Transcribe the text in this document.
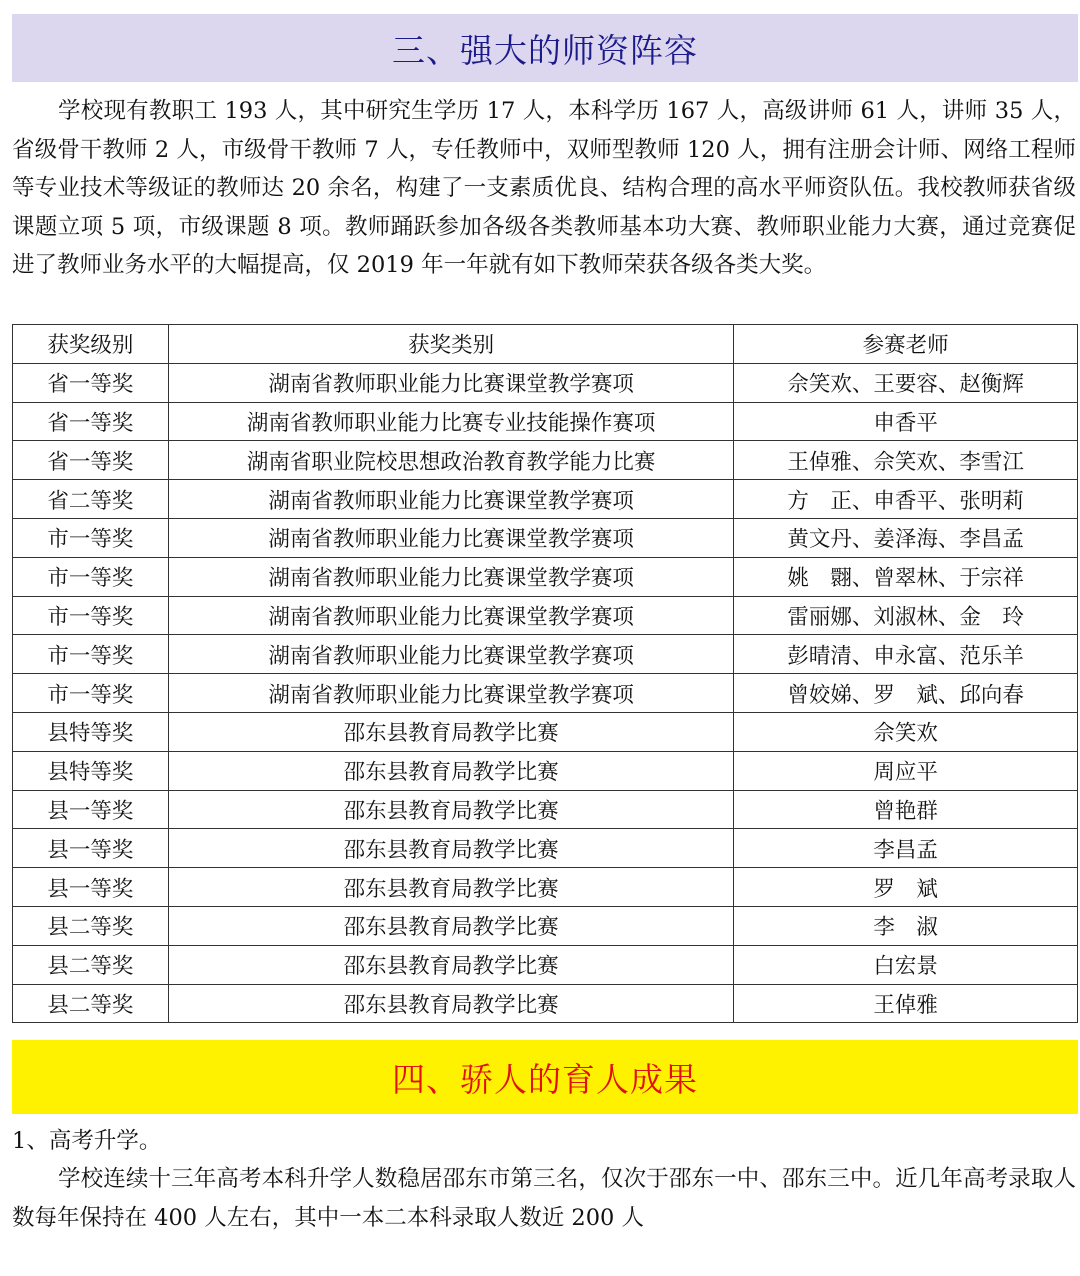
三、强大的师资阵容

学校现有教职工 193 人，其中研究生学历 17 人，本科学历 167 人，高级讲师 61 人，讲师 35 人，省级骨干教师 2 人，市级骨干教师 7 人，专任教师中，双师型教师 120 人，拥有注册会计师、网络工程师等专业技术等级证的教师达 20 余名，构建了一支素质优良、结构合理的高水平师资队伍。我校教师获省级课题立项 5 项，市级课题 8 项。教师踊跃参加各级各类教师基本功大赛、教师职业能力大赛，通过竞赛促进了教师业务水平的大幅提高，仅 2019 年一年就有如下教师荣获各级各类大奖。

获奖级别	获奖类别	参赛老师
省一等奖	湖南省教师职业能力比赛课堂教学赛项	佘笑欢、王要容、赵衡辉
省一等奖	湖南省教师职业能力比赛专业技能操作赛项	申香平
省一等奖	湖南省职业院校思想政治教育教学能力比赛	王倬雅、佘笑欢、李雪江
省二等奖	湖南省教师职业能力比赛课堂教学赛项	方　正、申香平、张明莉
市一等奖	湖南省教师职业能力比赛课堂教学赛项	黄文丹、姜泽海、李昌孟
市一等奖	湖南省教师职业能力比赛课堂教学赛项	姚　翾、曾翠林、于宗祥
市一等奖	湖南省教师职业能力比赛课堂教学赛项	雷丽娜、刘淑林、金　玲
市一等奖	湖南省教师职业能力比赛课堂教学赛项	彭晴清、申永富、范乐羊
市一等奖	湖南省教师职业能力比赛课堂教学赛项	曾姣娣、罗　斌、邱向春
县特等奖	邵东县教育局教学比赛	佘笑欢
县特等奖	邵东县教育局教学比赛	周应平
县一等奖	邵东县教育局教学比赛	曾艳群
县一等奖	邵东县教育局教学比赛	李昌孟
县一等奖	邵东县教育局教学比赛	罗　斌
县二等奖	邵东县教育局教学比赛	李　淑
县二等奖	邵东县教育局教学比赛	白宏景
县二等奖	邵东县教育局教学比赛	王倬雅
四、骄人的育人成果

1、高考升学。

学校连续十三年高考本科升学人数稳居邵东市第三名，仅次于邵东一中、邵东三中。近几年高考录取人数每年保持在 400 人左右，其中一本二本科录取人数近 200 人
